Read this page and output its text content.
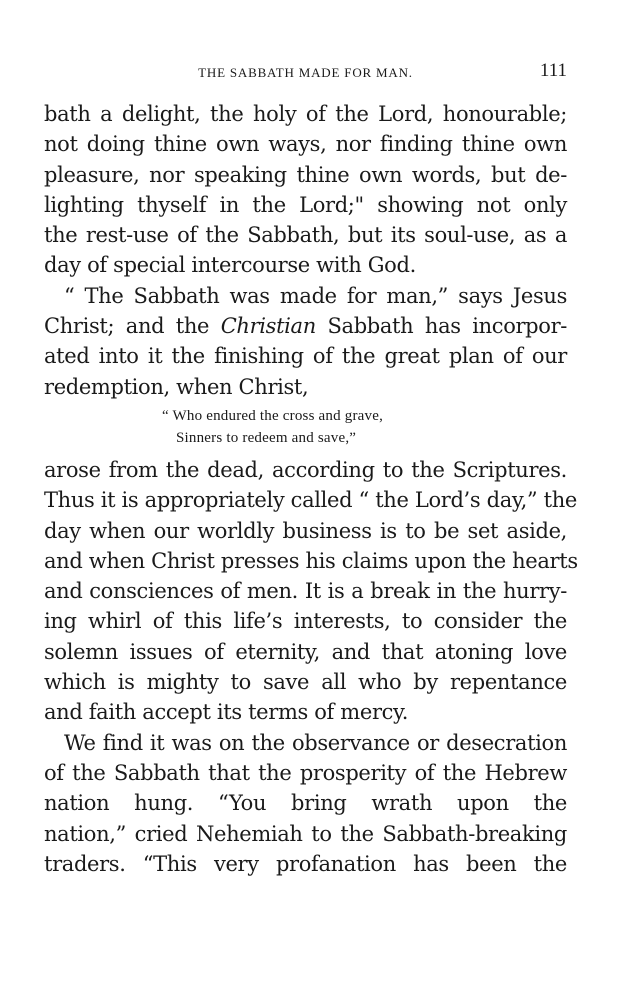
THE SABBATH MADE FOR MAN.	111
bath a delight, the holy of the Lord, honourable;
not doing thine own ways, nor finding thine own
pleasure, nor speaking thine own words, but de-
lighting thyself in the Lord;" showing not only
the rest-use of the Sabbath, but its soul-use, as a
day of special intercourse with God.
“ The Sabbath was made for man,” says Jesus
Christ; and the Christian Sabbath has incorpor-
ated into it the finishing of the great plan of our
redemption, when Christ,
“ Who endured the cross and grave,
Sinners to redeem and save,”
arose from the dead, according to the Scriptures.
Thus it is appropriately called “ the Lord’s day,” the
day when our worldly business is to be set aside,
and when Christ presses his claims upon the hearts
and consciences of men. It is a break in the hurry-
ing whirl of this life’s interests, to consider the
solemn issues of eternity, and that atoning love
which is mighty to save all who by repentance
and faith accept its terms of mercy.
We find it was on the observance or desecration
of the Sabbath that the prosperity of the Hebrew
nation hung. “You bring wrath upon the
nation,” cried Nehemiah to the Sabbath-breaking
traders. “This very profanation has been the
